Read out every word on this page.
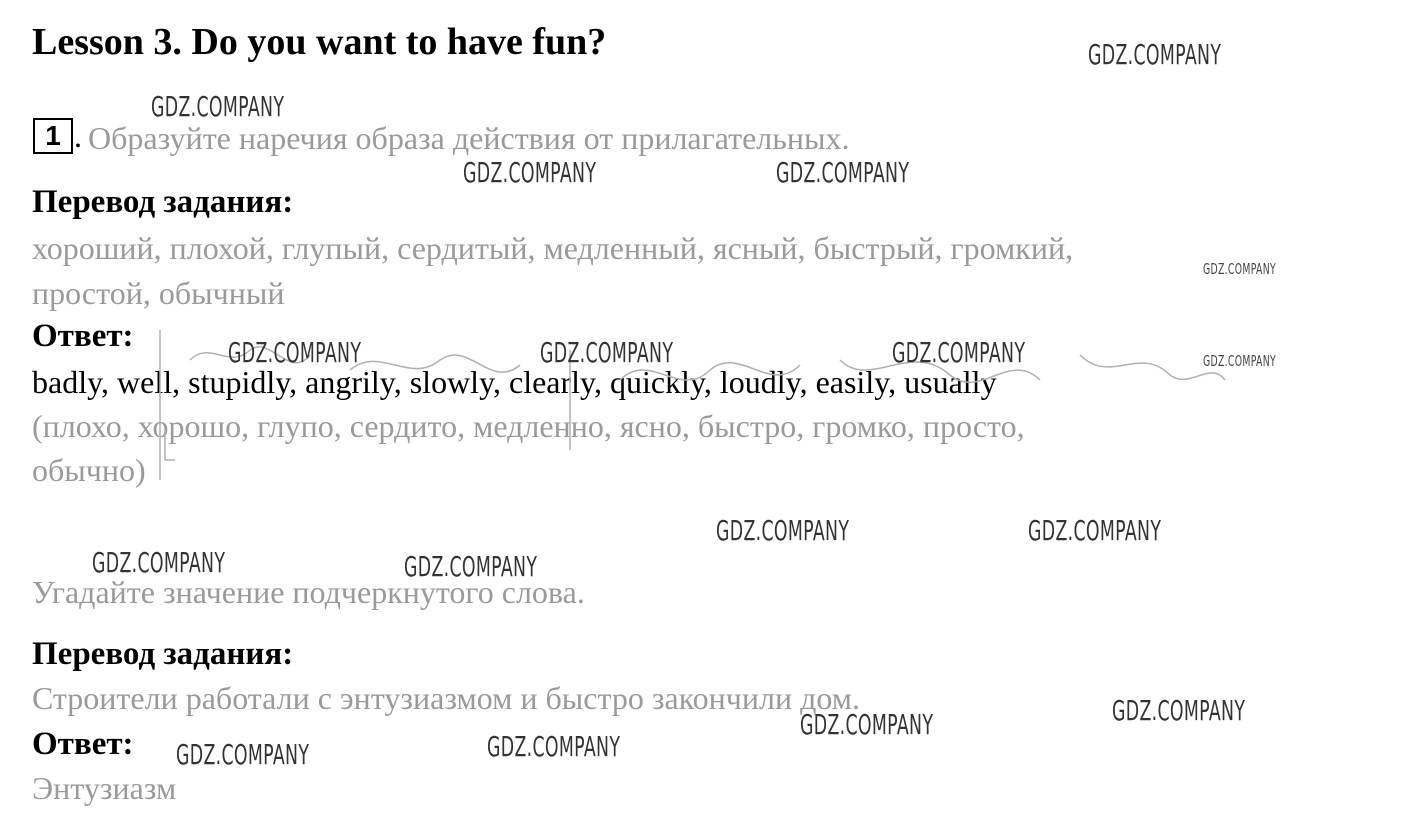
Lesson 3. Do you want to have fun?
1 . Образуйте наречия образа действия от прилагательных.
Перевод задания:
хороший, плохой, глупый, сердитый, медленный, ясный, быстрый, громкий,
простой, обычный
Ответ:
badly, well, stupidly, angrily, slowly, clearly, quickly, loudly, easily, usually
(плохо, хорошо, глупо, сердито, медленно, ясно, быстро, громко, просто,
обычно)
Угадайте значение подчеркнутого слова.
Перевод задания:
Строители работали с энтузиазмом и быстро закончили дом.
Ответ:
Энтузиазм
GDZ.COMPANY
GDZ.COMPANY
GDZ.COMPANY	GDZ.COMPANY
GDZ.COMPANY
GDZ.COMPANY	GDZ.COMPANY	GDZ.COMPANY	GDZ.COMPANY
GDZ.COMPANY	GDZ.COMPANY
GDZ.COMPANY	GDZ.COMPANY
GDZ.COMPANY
GDZ.COMPANY
GDZ.COMPANY
GDZ.COMPANY
